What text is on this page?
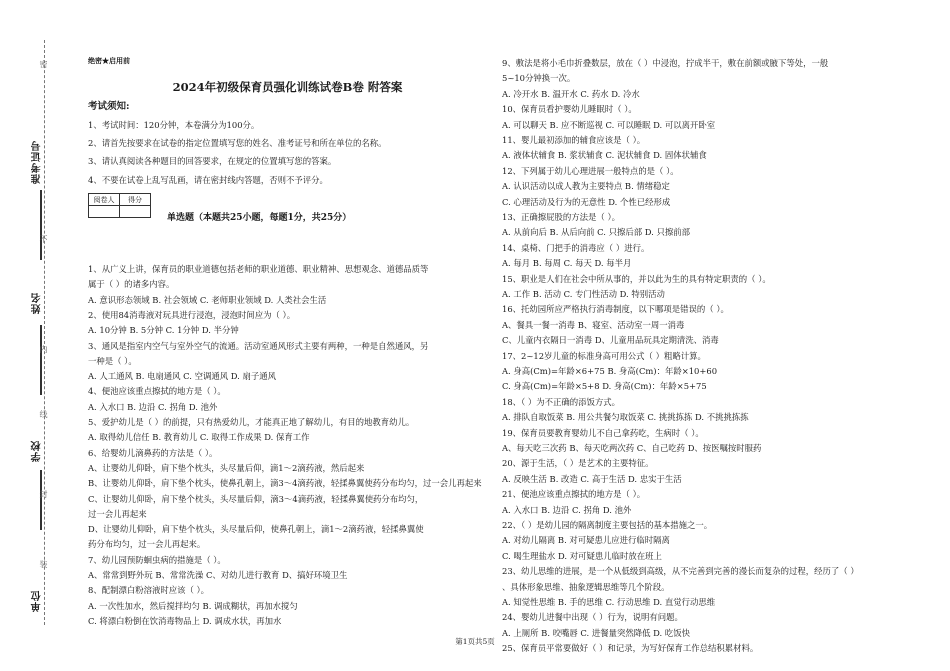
准考证号
姓名
学校
单位
密
不
内
线
封
装
绝密★启用前
2024年初级保育员强化训练试卷B卷 附答案
考试须知:
1、考试时间：120分钟，本卷满分为100分。
2、请首先按要求在试卷的指定位置填写您的姓名、准考证号和所在单位的名称。
3、请认真阅读各种题目的回答要求，在规定的位置填写您的答案。
4、不要在试卷上乱写乱画，请在密封线内答题，否则不予评分。
阅卷人	得分

单选题（本题共25小题，每题1分，共25分）
1、从广义上讲，保育员的职业道德包括老师的职业道德、职业精神、思想观念、道德品质等
属于（ ）的诸多内容。
A. 意识形态领域 B. 社会领域 C. 老师职业领域 D. 人类社会生活
2、使用84消毒液对玩具进行浸泡，浸泡时间应为（ ）。
A. 10分钟 B. 5分钟 C. 1分钟 D. 半分钟
3、通风是指室内空气与室外空气的流通。活动室通风形式主要有两种，一种是自然通风，另
一种是（ ）。
A. 人工通风 B. 电扇通风 C. 空调通风 D. 扇子通风
4、便池应该重点擦拭的地方是（ ）。
A. 入水口 B. 边沿 C. 拐角 D. 池外
5、爱护幼儿是（ ）的前提，只有热爱幼儿，才能真正地了解幼儿，有目的地教育幼儿。
A. 取得幼儿信任 B. 教育幼儿 C. 取得工作成果 D. 保育工作
6、给婴幼儿滴鼻药的方法是（ ）。
A、让婴幼儿仰卧，肩下垫个枕头，头尽量后仰，滴1～2滴药液，然后起来
B、让婴幼儿仰卧，肩下垫个枕头，使鼻孔朝上，滴3～4滴药液，轻揉鼻翼使药分布均匀，过一会儿再起来
C、让婴幼儿仰卧，肩下垫个枕头，头尽量后仰，滴3～4滴药液，轻揉鼻翼使药分布均匀，
过一会儿再起来
D、让婴幼儿仰卧，肩下垫个枕头，头尽量后仰，使鼻孔朝上，滴1～2滴药液，轻揉鼻翼使
药分布均匀，过一会儿再起来。
7、幼儿园预防蛔虫病的措施是（ ）。
A、常常到野外玩 B、常常洗澡 C、对幼儿进行教育 D、搞好环境卫生
8、配制漂白粉溶液时应该（ ）。
A. 一次性加水，然后搅拌均匀 B. 调成糊状，再加水搅匀
C. 将漂白粉倒在饮消毒物品上 D. 调成水状，再加水
9、敷法是将小毛巾折叠数层，放在（ ）中浸泡，拧成半干，敷在前额或腋下等处，一般
5~10分钟换一次。
A. 冷开水 B. 温开水 C. 药水 D. 冷水
10、保育员看护婴幼儿睡眠时（ ）。
A. 可以聊天 B. 应不断巡视 C. 可以睡眠 D. 可以离开卧室
11、婴儿最初添加的辅食应该是（ ）。
A. 液体状辅食 B. 浆状辅食 C. 泥状辅食 D. 固体状辅食
12、下列属于幼儿心理进展一般特点的是（ ）。
A. 认识活动以成人教为主要特点 B. 情绪稳定
C. 心理活动及行为的无意性 D. 个性已经形成
13、正确擦屁股的方法是（ ）。
A. 从前向后 B. 从后向前 C. 只擦后部 D. 只擦前部
14、桌椅、门把手的消毒应（ ）进行。
A. 每月 B. 每周 C. 每天 D. 每半月
15、职业是人们在社会中所从事的，并以此为生的具有特定职责的（ ）。
A. 工作 B. 活动 C. 专门性活动 D. 特别活动
16、托幼园所应严格执行消毒制度，以下哪项是错误的（ ）。
A、餐具一餐一消毒 B、寝室、活动室一周一消毒
C、儿童内衣隔日一消毒 D、儿童用品玩具定期清洗、消毒
17、2~12岁儿童的标准身高可用公式（ ）粗略计算。
A. 身高(Cm)=年龄×6+75 B. 身高(Cm)：年龄×10+60
C. 身高(Cm)=年龄×5+8 D. 身高(Cm)：年龄×5+75
18、（ ）为不正确的添饭方式。
A. 排队自取饭菜 B. 用公共餐匀取饭菜 C. 挑挑拣拣 D. 不挑挑拣拣
19、保育员要教育婴幼儿不自己拿药吃，生病时（ ）。
A、每天吃三次药 B、每天吃两次药 C、自己吃药 D、按医嘱按时服药
20、源于生活，（ ）是艺术的主要特征。
A. 反映生活 B. 改造 C. 高于生活 D. 忠实于生活
21、便池应该重点擦拭的地方是（ ）。
A. 入水口 B. 边沿 C. 拐角 D. 池外
22、（ ）是幼儿园的隔离制度主要包括的基本措施之一。
A. 对幼儿隔离 B. 对可疑患儿应进行临时隔离
C. 喝生理盐水 D. 对可疑患儿临时放在班上
23、幼儿思维的进展，是一个从低级到高级，从不完善到完善的漫长而复杂的过程，经历了（ ）
、具体形象思维、抽象逻辑思维等几个阶段。
A. 知觉性思维 B. 手的思维 C. 行动思维 D. 直觉行动思维
24、婴幼儿进餐中出现（ ）行为，说明有问题。
A. 上厕所 B. 咬嘴唇 C. 进餐量突然降低 D. 吃饭快
25、保育员平常要做好（ ）和记录，为写好保育工作总结积累材料。
第1页共5页
